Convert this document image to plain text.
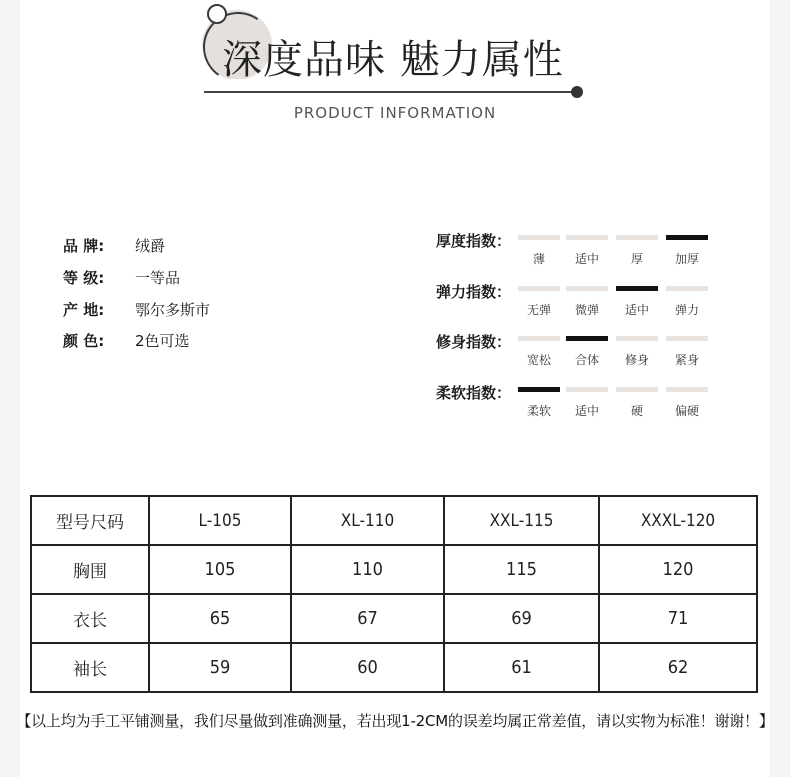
深度品味 魅力属性
PRODUCT INFORMATION
品 牌: 绒爵
等 级: 一等品
产 地: 鄂尔多斯市
颜 色: 2色可选
厚度指数：
薄	适中	厚	加厚
弹力指数：
无弹	微弹	适中	弹力
修身指数：
宽松	合体	修身	紧身
柔软指数：
柔软	适中	硬	偏硬
型号尺码	L-105	XL-110	XXL-115	XXXL-120
胸围	105	110	115	120
衣长	65	67	69	71
袖长	59	60	61	62
【以上均为手工平铺测量，我们尽量做到准确测量，若出现1-2CM的误差均属正常差值，请以实物为标准！谢谢！】
